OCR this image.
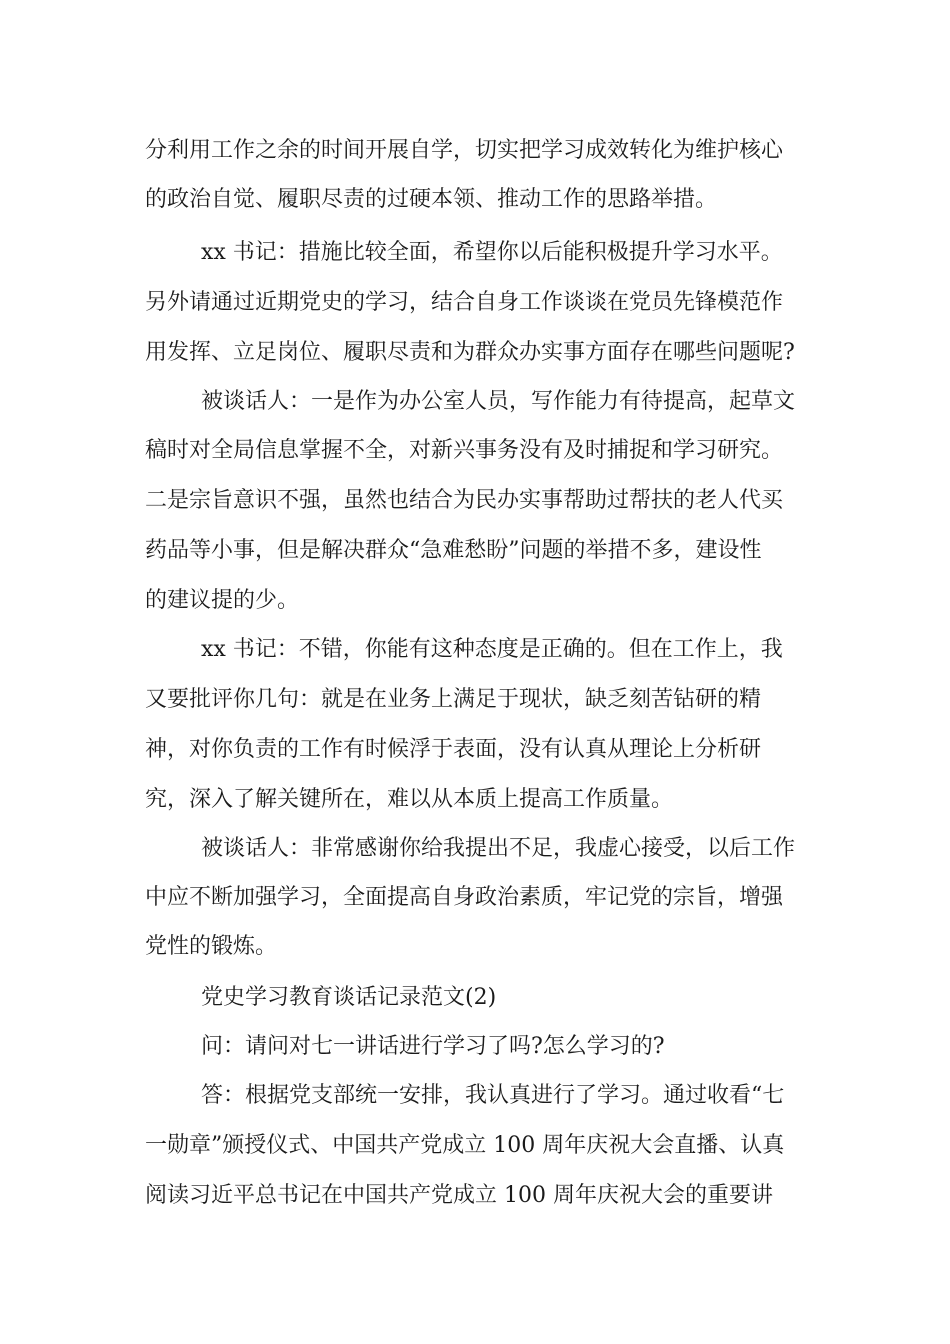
分利用工作之余的时间开展自学，切实把学习成效转化为维护核心
的政治自觉、履职尽责的过硬本领、推动工作的思路举措。
xx 书记：措施比较全面，希望你以后能积极提升学习水平。
另外请通过近期党史的学习，结合自身工作谈谈在党员先锋模范作
用发挥、立足岗位、履职尽责和为群众办实事方面存在哪些问题呢?
被谈话人：一是作为办公室人员，写作能力有待提高，起草文
稿时对全局信息掌握不全，对新兴事务没有及时捕捉和学习研究。
二是宗旨意识不强，虽然也结合为民办实事帮助过帮扶的老人代买
药品等小事，但是解决群众“急难愁盼”问题的举措不多，建设性
的建议提的少。
xx 书记：不错，你能有这种态度是正确的。但在工作上，我
又要批评你几句：就是在业务上满足于现状，缺乏刻苦钻研的精
神，对你负责的工作有时候浮于表面，没有认真从理论上分析研
究，深入了解关键所在，难以从本质上提高工作质量。
被谈话人：非常感谢你给我提出不足，我虚心接受，以后工作
中应不断加强学习，全面提高自身政治素质，牢记党的宗旨，增强
党性的锻炼。
党史学习教育谈话记录范文(2)
问：请问对七一讲话进行学习了吗?怎么学习的?
答：根据党支部统一安排，我认真进行了学习。通过收看“七
一勋章”颁授仪式、中国共产党成立 100 周年庆祝大会直播、认真
阅读习近平总书记在中国共产党成立 100 周年庆祝大会的重要讲
